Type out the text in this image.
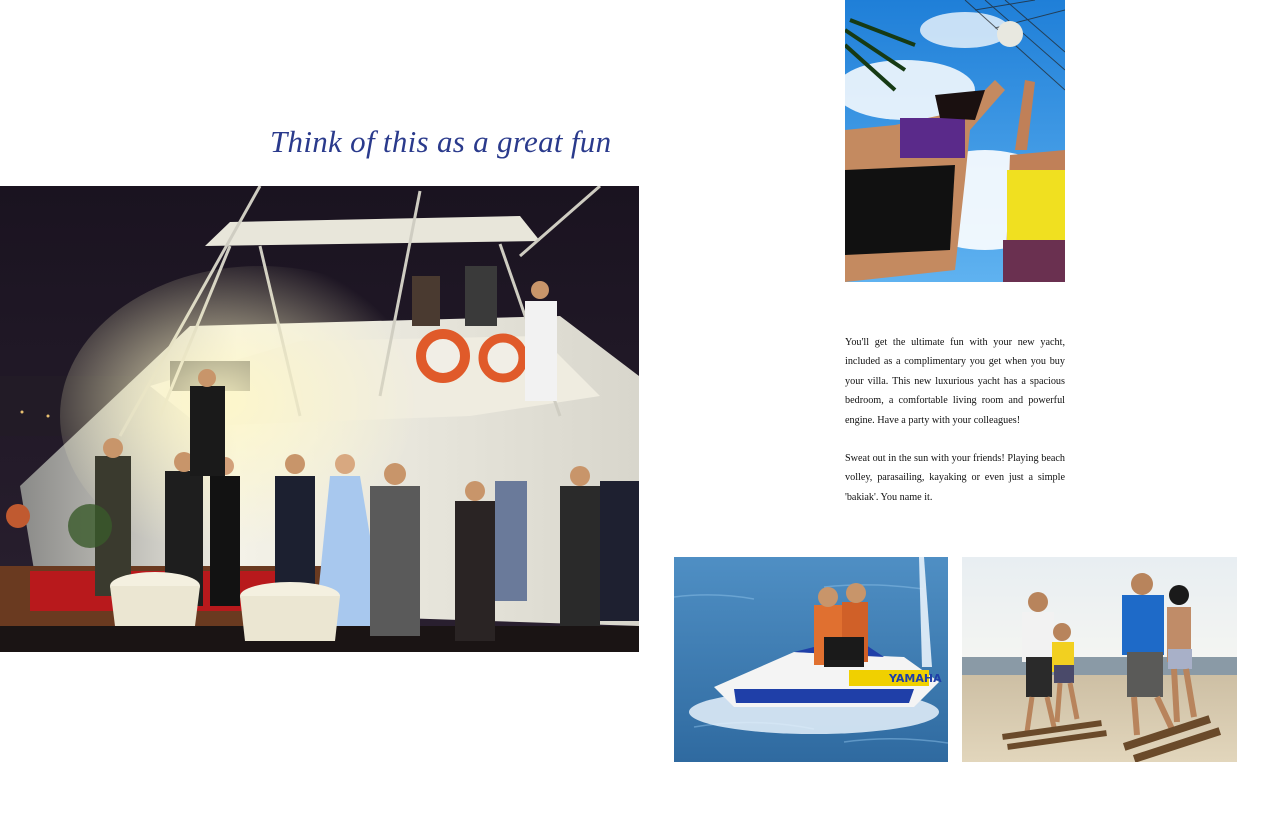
Think of this as a great fun

You'll get the ultimate fun with your new yacht, included as a complimentary you get when you buy your villa. This new luxurious yacht has a spacious bedroom, a comfortable living room and powerful engine. Have a party with your colleagues!

Sweat out in the sun with your friends! Playing beach volley, parasailing, kayaking or even just a simple 'bakiak'. You name it.

YAMAHA
